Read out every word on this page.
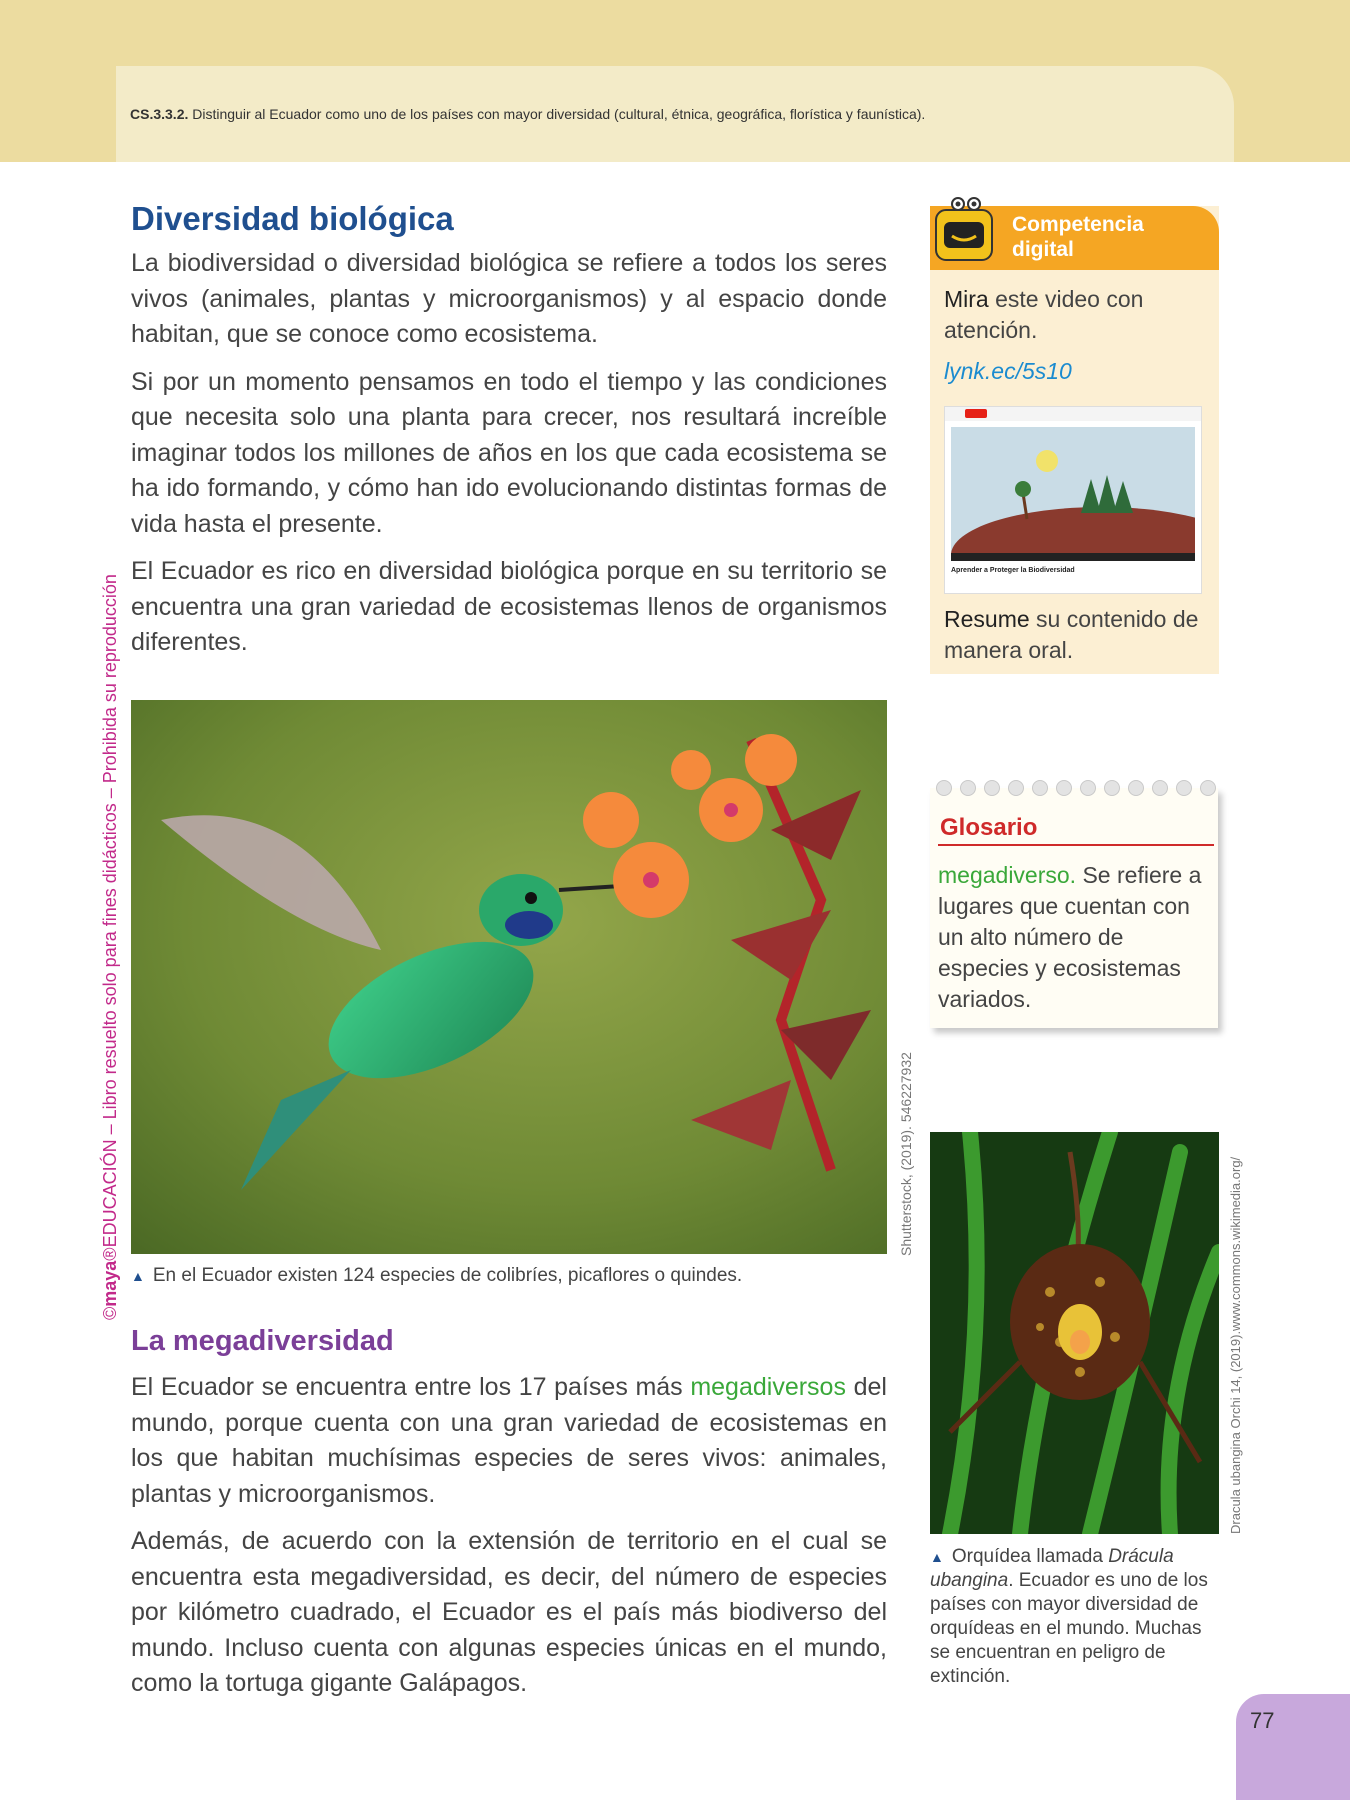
CS.3.3.2. Distinguir al Ecuador como uno de los países con mayor diversidad (cultural, étnica, geográfica, florística y faunística).
©maya®EDUCACIÓN – Libro resuelto solo para fines didácticos – Prohibida su reproducción
Diversidad biológica

La biodiversidad o diversidad biológica se refiere a todos los seres vivos (animales, plantas y microorganismos) y al espacio donde habitan, que se conoce como ecosistema.

Si por un momento pensamos en todo el tiempo y las condiciones que necesita solo una planta para crecer, nos resultará increíble imaginar todos los millones de años en los que cada ecosistema se ha ido formando, y cómo han ido evolucionando distintas formas de vida hasta el presente.

El Ecuador es rico en diversidad biológica porque en su territorio se encuentra una gran variedad de ecosistemas llenos de organismos diferentes.

Shutterstock, (2019). 546227932
▲ En el Ecuador existen 124 especies de colibríes, picaflores o quindes.
La megadiversidad

El Ecuador se encuentra entre los 17 países más megadiversos del mundo, porque cuenta con una gran variedad de ecosistemas en los que habitan muchísimas especies de seres vivos: animales, plantas y microorganismos.

Además, de acuerdo con la extensión de territorio en el cual se encuentra esta megadiversidad, es decir, del número de especies por kilómetro cuadrado, el Ecuador es el país más biodiverso del mundo. Incluso cuenta con algunas especies únicas en el mundo, como la tortuga gigante Galápagos.

Competencia digital
Mira este video con atención.
lynk.ec/5s10
Aprender a Proteger la Biodiversidad
Resume su contenido de manera oral.
Glosario
megadiverso. Se refiere a lugares que cuentan con un alto número de especies y ecosistemas variados.
Dracula ubangina Orchi 14, (2019).www.commons.wikimedia.org/
▲ Orquídea llamada Drácula ubangina. Ecuador es uno de los países con mayor diversidad de orquídeas en el mundo. Muchas se encuentran en peligro de extinción.
77
